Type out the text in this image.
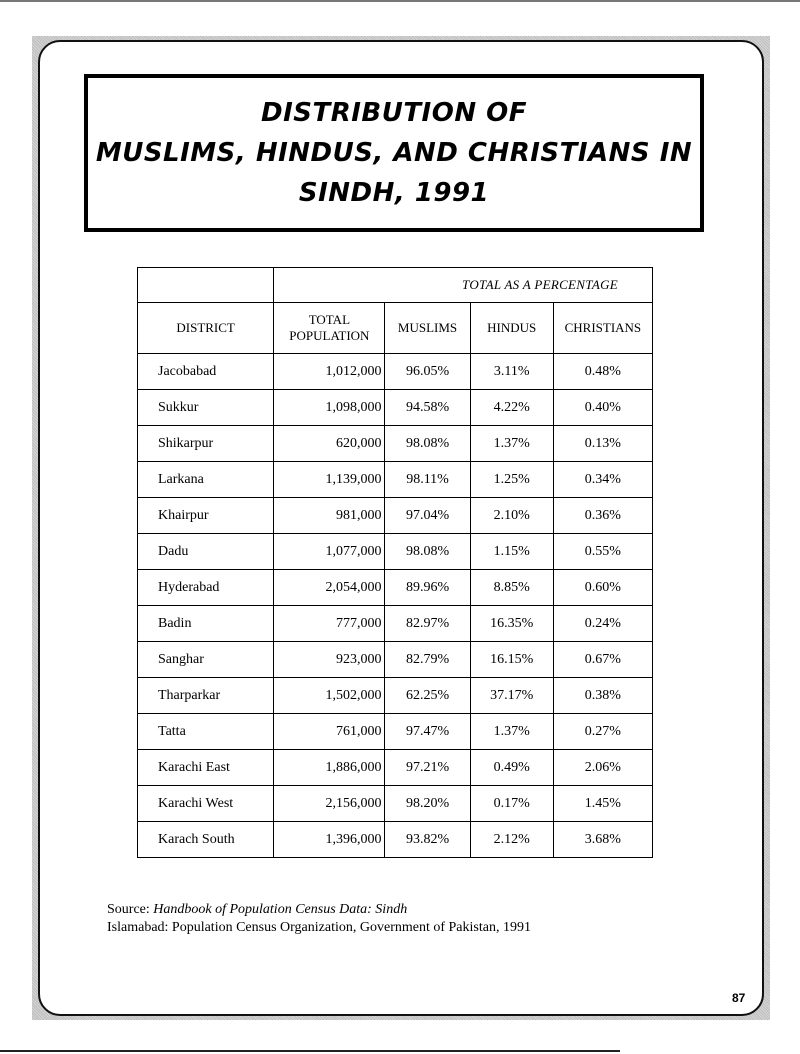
DISTRIBUTION OF
MUSLIMS, HINDUS, AND CHRISTIANS IN
SINDH, 1991
	TOTAL AS A PERCENTAGE			
DISTRICT	TOTAL POPULATION	MUSLIMS	HINDUS	CHRISTIANS
Jacobabad	1,012,000	96.05%	3.11%	0.48%
Sukkur	1,098,000	94.58%	4.22%	0.40%
Shikarpur	620,000	98.08%	1.37%	0.13%
Larkana	1,139,000	98.11%	1.25%	0.34%
Khairpur	981,000	97.04%	2.10%	0.36%
Dadu	1,077,000	98.08%	1.15%	0.55%
Hyderabad	2,054,000	89.96%	8.85%	0.60%
Badin	777,000	82.97%	16.35%	0.24%
Sanghar	923,000	82.79%	16.15%	0.67%
Tharparkar	1,502,000	62.25%	37.17%	0.38%
Tatta	761,000	97.47%	1.37%	0.27%
Karachi East	1,886,000	97.21%	0.49%	2.06%
Karachi West	2,156,000	98.20%	0.17%	1.45%
Karach South	1,396,000	93.82%	2.12%	3.68%
Source: Handbook of Population Census Data: Sindh
Islamabad: Population Census Organization, Government of Pakistan, 1991
87
